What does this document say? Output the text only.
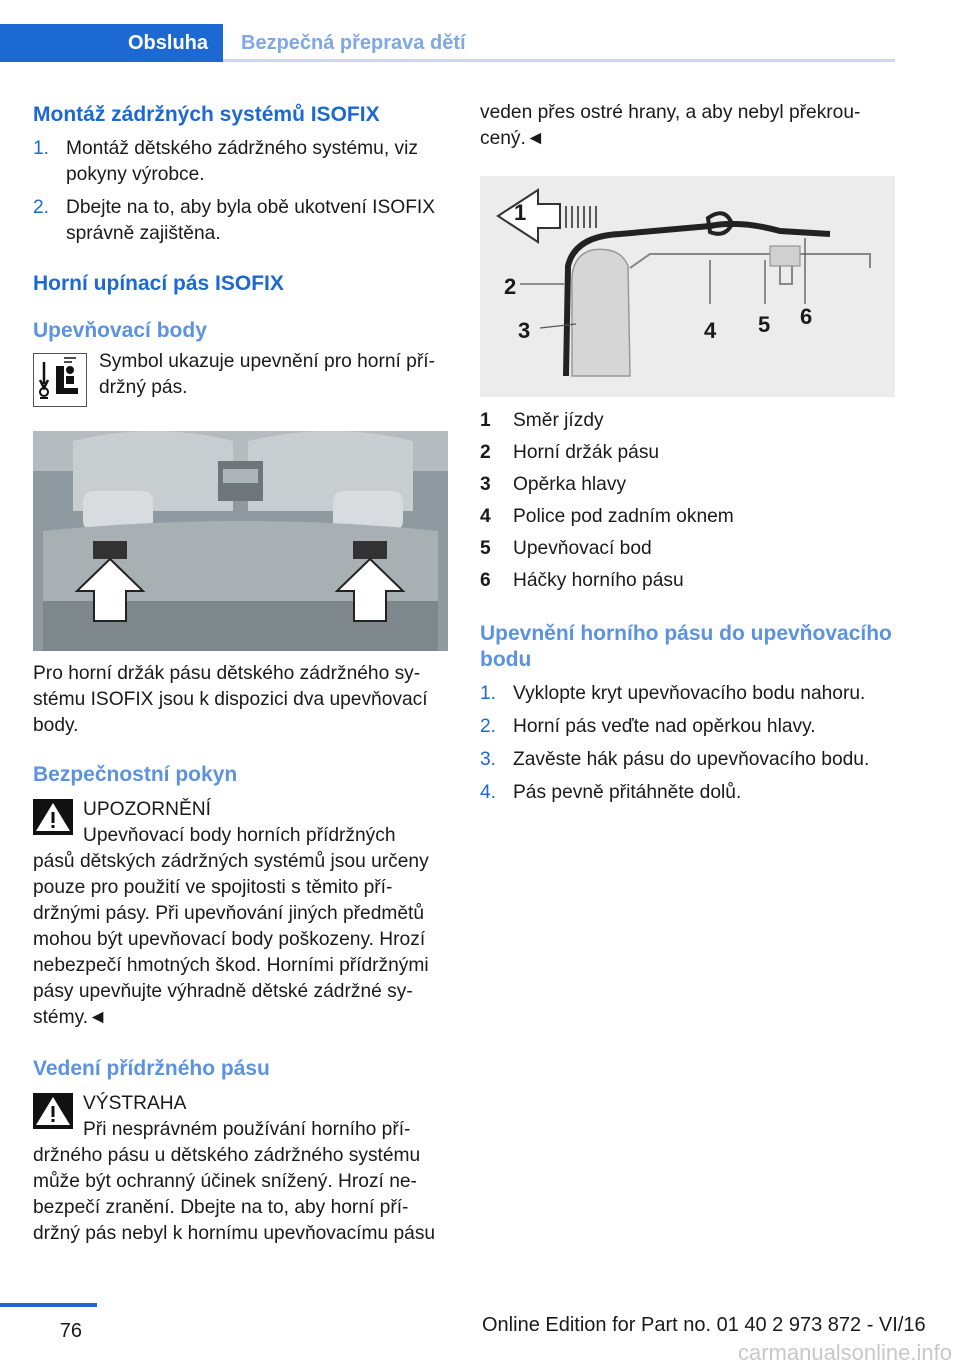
Obsluha	Bezpečná přeprava dětí
Montáž zádržných systémů ISOFIX
1. Montáž dětského zádržného systému, viz pokyny výrobce.
2. Dbejte na to, aby byla obě ukotvení ISOFIX správně zajištěna.
Horní upínací pás ISOFIX
Upevňovací body
Symbol ukazuje upevnění pro horní pří‐držný pás.
Pro horní držák pásu dětského zádržného sy‐stému ISOFIX jsou k dispozici dva upevňovací body.
Bezpečnostní pokyn
UPOZORNĚNÍ
Upevňovací body horních přídržných
pásů dětských zádržných systémů jsou určeny pouze pro použití ve spojitosti s těmito pří‐držnými pásy. Při upevňování jiných předmětů mohou být upevňovací body poškozeny. Hrozí nebezpečí hmotných škod. Horními přídržnými pásy upevňujte výhradně dětské zádržné sy‐stémy.◄
Vedení přídržného pásu
VÝSTRAHA
Při nesprávném používání horního pří‐
držného pásu u dětského zádržného systému může být ochranný účinek snížený. Hrozí ne‐bezpečí zranění. Dbejte na to, aby horní pří‐držný pás nebyl k hornímu upevňovacímu pásu
veden přes ostré hrany, a aby nebyl překrou‐cený.◄
1
2
3	4 5 6
1 Směr jízdy
2 Horní držák pásu
3 Opěrka hlavy
4 Police pod zadním oknem
5 Upevňovací bod
6 Háčky horního pásu
Upevnění horního pásu do upevňovacího bodu
1. Vyklopte kryt upevňovacího bodu nahoru.
2. Horní pás veďte nad opěrkou hlavy.
3. Zavěste hák pásu do upevňovacího bodu.
4. Pás pevně přitáhněte dolů.
76	Online Edition for Part no. 01 40 2 973 872 - VI/16
carmanualsonline.info
